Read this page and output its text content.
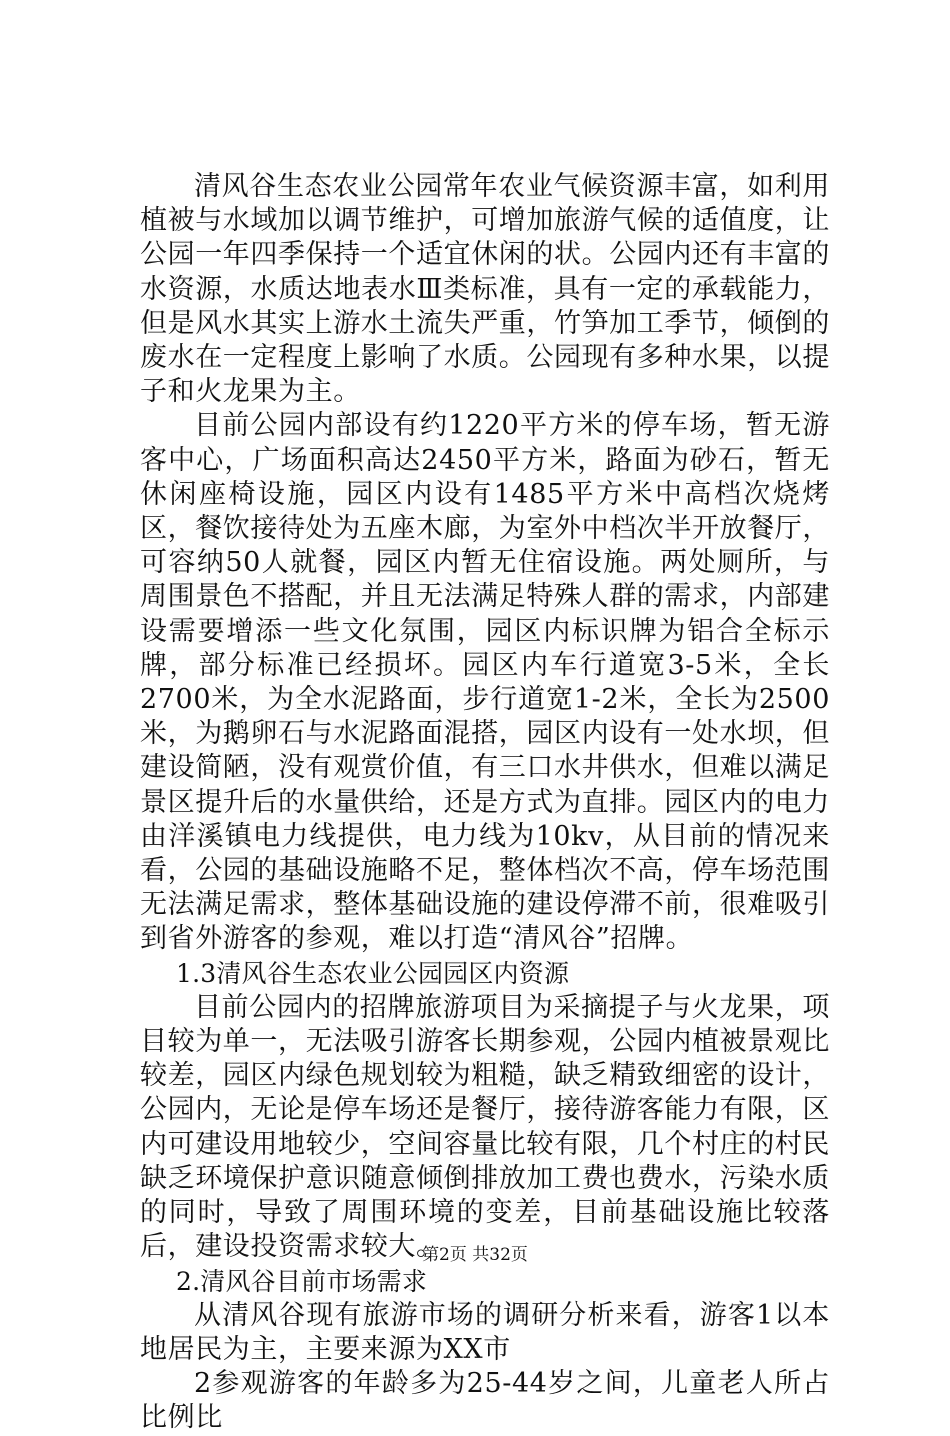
清风谷生态农业公园常年农业气候资源丰富，如利用植被与水域加以调节维护，可增加旅游气候的适值度，让公园一年四季保持一个适宜休闲的状。公园内还有丰富的水资源，水质达地表水Ⅲ类标准，具有一定的承载能力，但是风水其实上游水土流失严重，竹笋加工季节，倾倒的废水在一定程度上影响了水质。公园现有多种水果，以提子和火龙果为主。

目前公园内部设有约1220平方米的停车场，暂无游客中心，广场面积高达2450平方米，路面为砂石，暂无休闲座椅设施，园区内设有1485平方米中高档次烧烤区，餐饮接待处为五座木廊，为室外中档次半开放餐厅，可容纳50人就餐，园区内暂无住宿设施。两处厕所，与周围景色不搭配，并且无法满足特殊人群的需求，内部建设需要增添一些文化氛围，园区内标识牌为铝合全标示牌，部分标准已经损坏。园区内车行道宽3-5米，全长2700米，为全水泥路面，步行道宽1-2米，全长为2500米，为鹅卵石与水泥路面混搭，园区内设有一处水坝，但建设简陋，没有观赏价值，有三口水井供水，但难以满足景区提升后的水量供给，还是方式为直排。园区内的电力由洋溪镇电力线提供，电力线为10kv，从目前的情况来看，公园的基础设施略不足，整体档次不高，停车场范围无法满足需求，整体基础设施的建设停滞不前，很难吸引到省外游客的参观，难以打造“清风谷”招牌。

1.3清风谷生态农业公园园区内资源

目前公园内的招牌旅游项目为采摘提子与火龙果，项目较为单一，无法吸引游客长期参观，公园内植被景观比较差，园区内绿色规划较为粗糙，缺乏精致细密的设计，公园内，无论是停车场还是餐厅，接待游客能力有限，区内可建设用地较少，空间容量比较有限，几个村庄的村民缺乏环境保护意识随意倾倒排放加工费也费水，污染水质的同时，导致了周围环境的变差，目前基础设施比较落后，建设投资需求较大。

2.清风谷目前市场需求

从清风谷现有旅游市场的调研分析来看，游客1以本地居民为主，主要来源为XX市

2参观游客的年龄多为25-44岁之间，儿童老人所占比例比

第2页 共32页
